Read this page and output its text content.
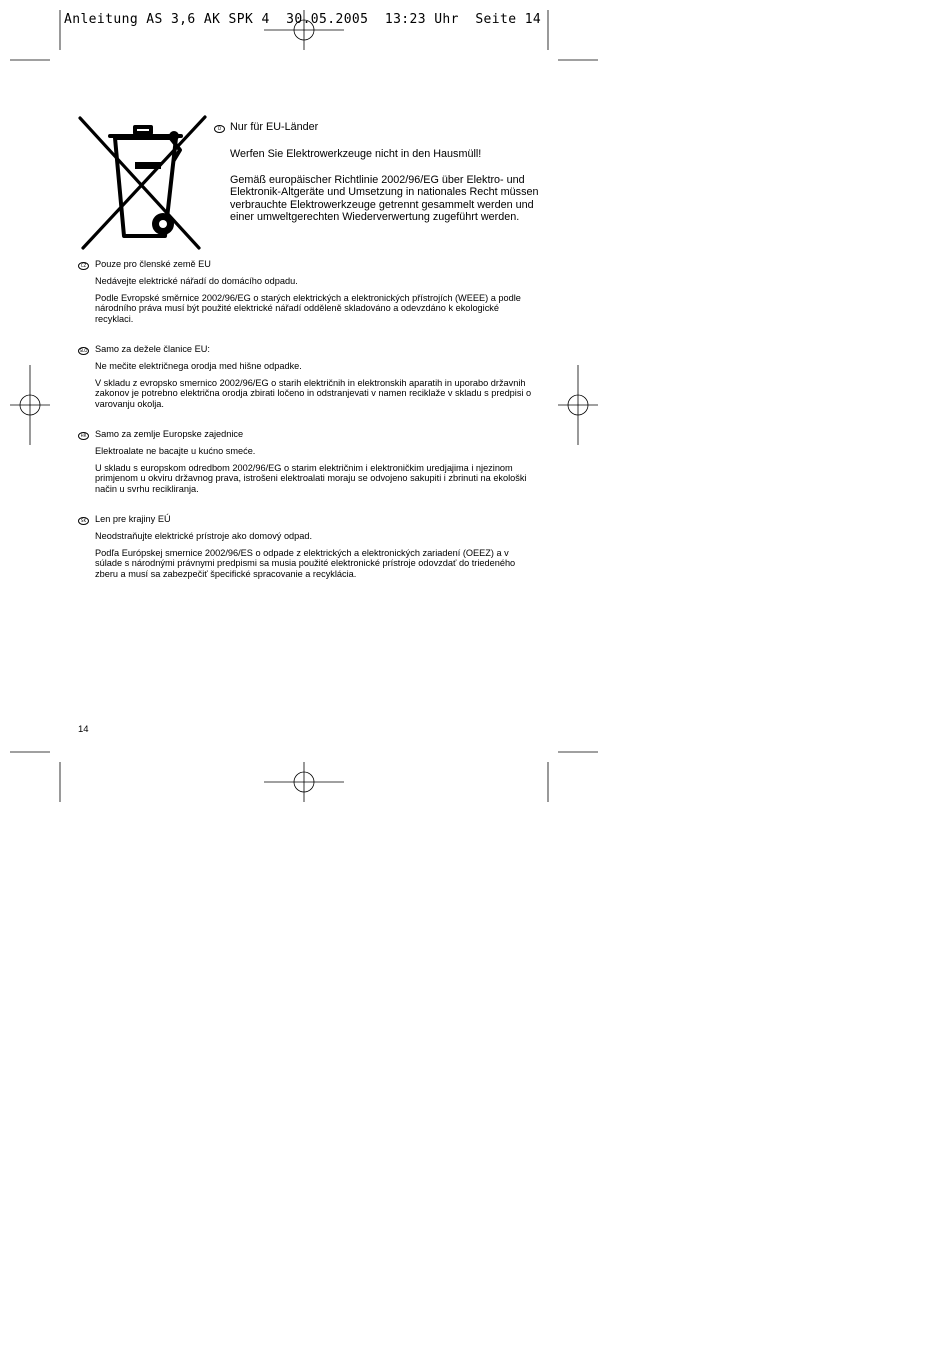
Anleitung AS 3,6 AK SPK 4  30.05.2005  13:23 Uhr  Seite 14
D Nur für EU-Länder

Werfen Sie Elektrowerkzeuge nicht in den Hausmüll!

Gemäß europäischer Richtlinie 2002/96/EG über Elektro- und Elektronik-Altgeräte und Umsetzung in nationales Recht müssen verbrauchte Elektrowerkzeuge getrennt gesammelt werden und einer umweltgerechten Wiederverwertung zugeführt werden.

CZ Pouze pro členské země EU

Nedávejte elektrické nářadí do domácího odpadu.

Podle Evropské směrnice 2002/96/EG o starých elektrických a elektronických přístrojích (WEEE) a podle národního práva musí být použité elektrické nářadí odděleně skladováno a odevzdáno k ekologické recyklaci.

SLO Samo za dežele članice EU:

Ne mečite električnega orodja med hišne odpadke.

V skladu z evropsko smernico 2002/96/EG o starih električnih in elektronskih aparatih in uporabo državnih zakonov je potrebno električna orodja zbirati ločeno in odstranjevati v namen reciklaže v skladu s predpisi o varovanju okolja.

HR Samo za zemlje Europske zajednice

Elektroalate ne bacajte u kućno smeće.

U skladu s europskom odredbom 2002/96/EG o starim električnim i elektroničkim uredjajima i njezinom primjenom u okviru državnog prava, istrošeni elektroalati moraju se odvojeno sakupiti i zbrinuti na ekološki način u svrhu recikliranja.

SK Len pre krajiny EÚ

Neodstraňujte elektrické prístroje ako domový odpad.

Podľa Európskej smernice 2002/96/ES o odpade z elektrických a elektronických zariadení (OEEZ) a v súlade s národnými právnymi predpismi sa musia použité elektronické prístroje odovzdať do triedeného zberu a musí sa zabezpečiť špecifické spracovanie a recyklácia.

14
